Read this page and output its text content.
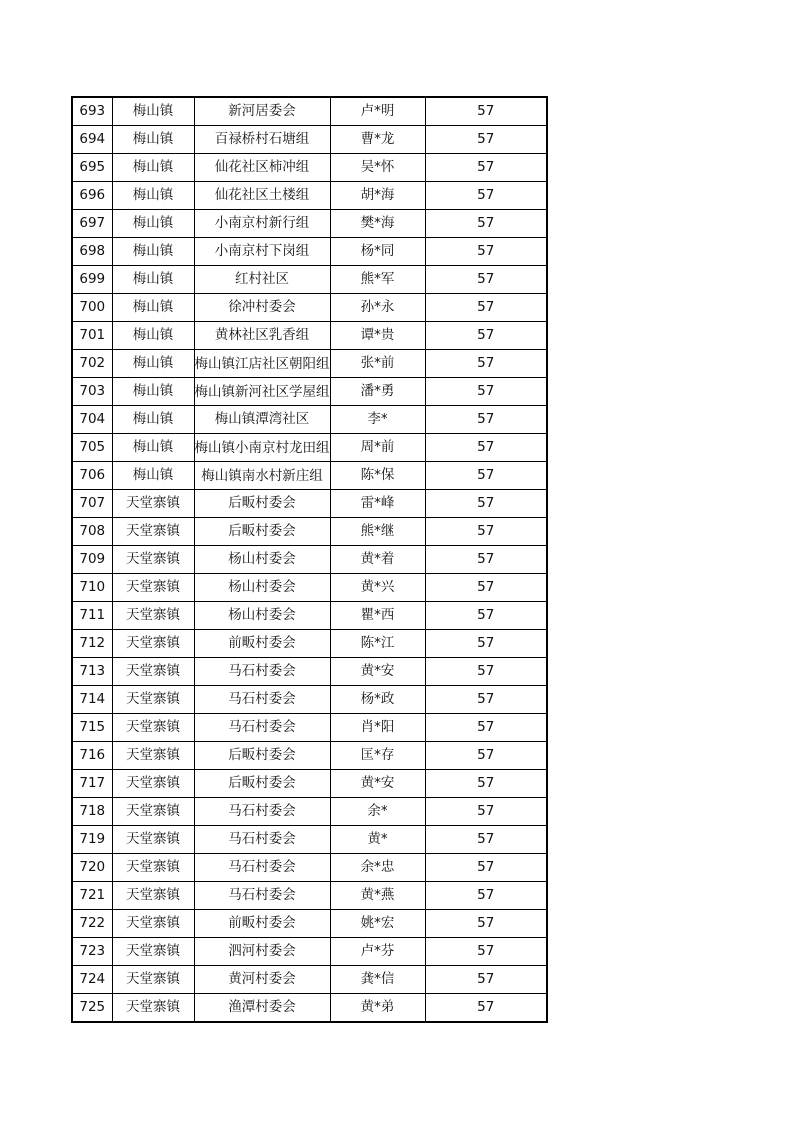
693	梅山镇	新河居委会	卢*明	57
694	梅山镇	百禄桥村石塘组	曹*龙	57
695	梅山镇	仙花社区柿冲组	吴*怀	57
696	梅山镇	仙花社区土楼组	胡*海	57
697	梅山镇	小南京村新行组	樊*海	57
698	梅山镇	小南京村下岗组	杨*同	57
699	梅山镇	红村社区	熊*军	57
700	梅山镇	徐冲村委会	孙*永	57
701	梅山镇	黄林社区乳香组	谭*贵	57
702	梅山镇	梅山镇江店社区朝阳组	张*前	57
703	梅山镇	梅山镇新河社区学屋组	潘*勇	57
704	梅山镇	梅山镇潭湾社区	李*	57
705	梅山镇	梅山镇小南京村龙田组	周*前	57
706	梅山镇	梅山镇南水村新庄组	陈*保	57
707	天堂寨镇	后畈村委会	雷*峰	57
708	天堂寨镇	后畈村委会	熊*继	57
709	天堂寨镇	杨山村委会	黄*着	57
710	天堂寨镇	杨山村委会	黄*兴	57
711	天堂寨镇	杨山村委会	瞿*西	57
712	天堂寨镇	前畈村委会	陈*江	57
713	天堂寨镇	马石村委会	黄*安	57
714	天堂寨镇	马石村委会	杨*政	57
715	天堂寨镇	马石村委会	肖*阳	57
716	天堂寨镇	后畈村委会	匡*存	57
717	天堂寨镇	后畈村委会	黄*安	57
718	天堂寨镇	马石村委会	余*	57
719	天堂寨镇	马石村委会	黄*	57
720	天堂寨镇	马石村委会	余*忠	57
721	天堂寨镇	马石村委会	黄*燕	57
722	天堂寨镇	前畈村委会	姚*宏	57
723	天堂寨镇	泗河村委会	卢*芬	57
724	天堂寨镇	黄河村委会	龚*信	57
725	天堂寨镇	渔潭村委会	黄*弟	57
